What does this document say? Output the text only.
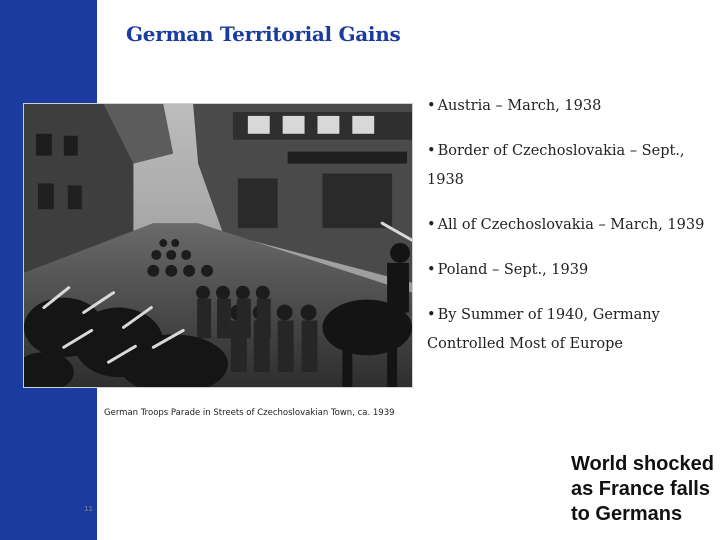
German Territorial Gains
German Troops Parade in Streets of Czechoslovakian Town, ca. 1939

• Austria – March, 1938

• Border of Czechoslovakia – Sept., 1938

• All of Czechoslovakia – March, 1939

• Poland – Sept., 1939

• By Summer of 1940, Germany Controlled Most of Europe

11
World shocked as France falls to Germans
